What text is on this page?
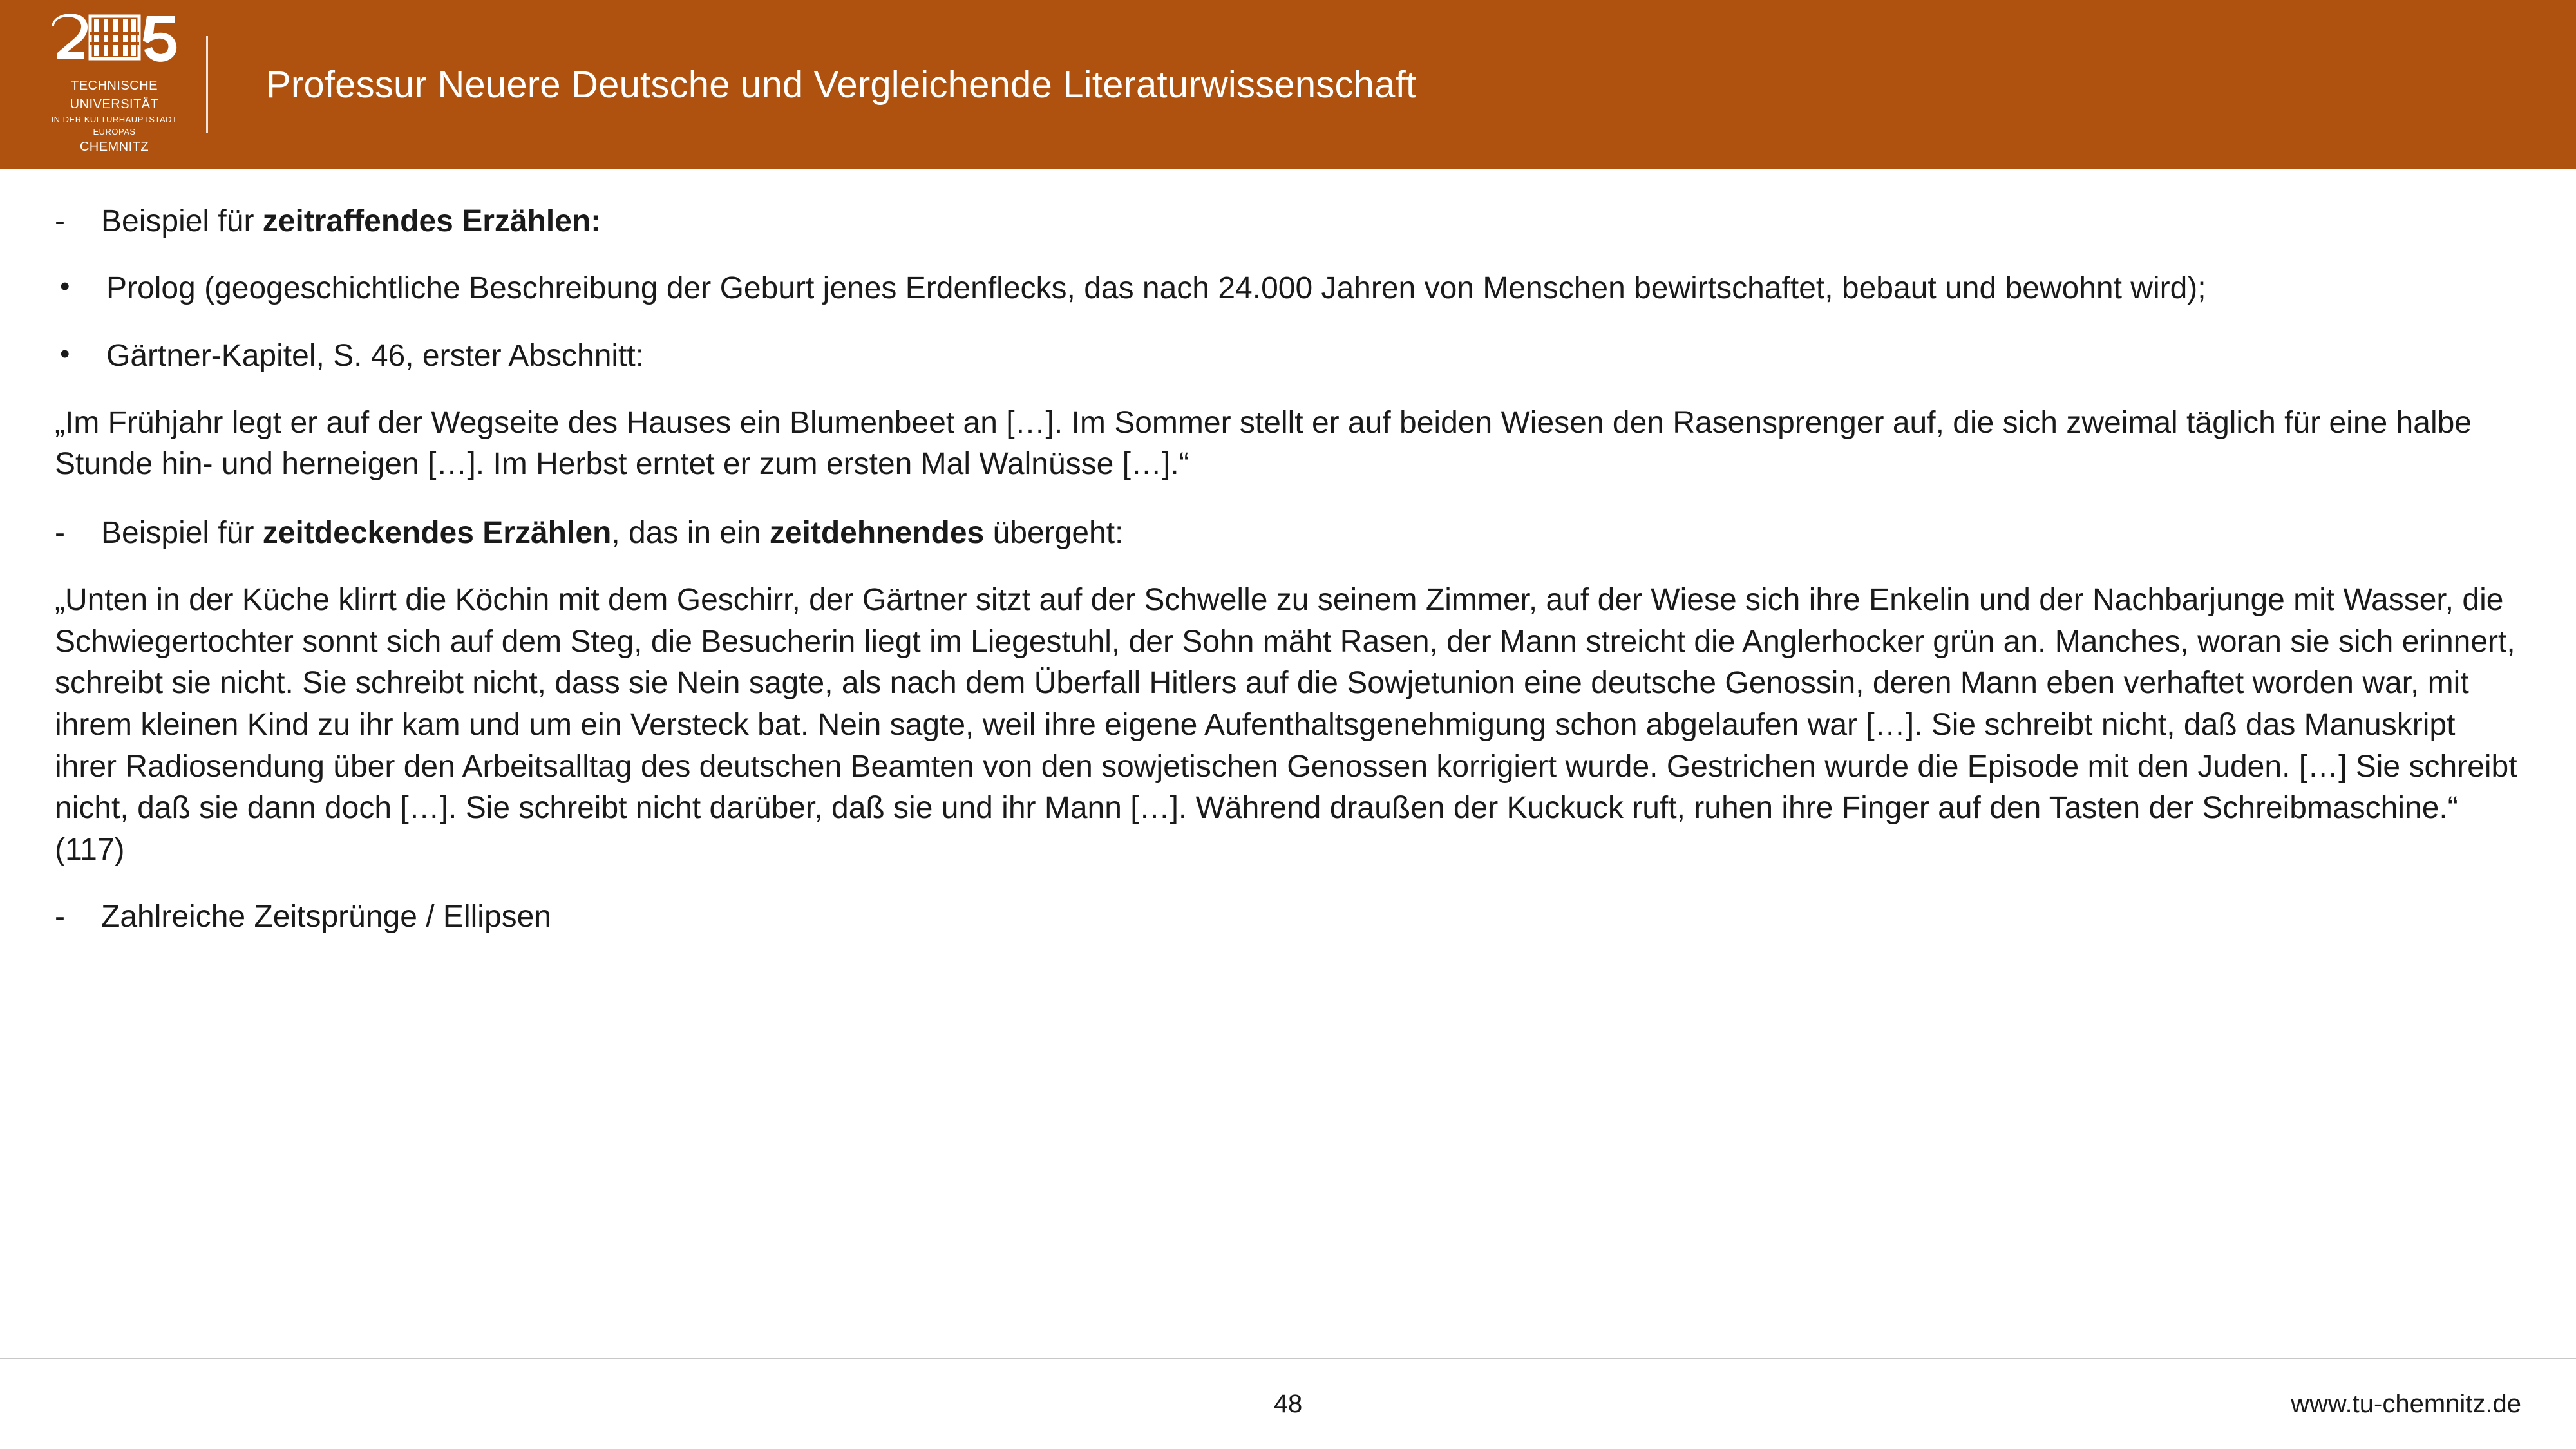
TECHNISCHE UNIVERSITÄT
IN DER KULTURHAUPTSTADT EUROPAS
CHEMNITZ
Professur Neuere Deutsche und Vergleichende Literaturwissenschaft
-	Beispiel für zeitraffendes Erzählen:
•	Prolog (geogeschichtliche Beschreibung der Geburt jenes Erdenflecks, das nach 24.000 Jahren von Menschen bewirtschaftet, bebaut und bewohnt wird);
•	Gärtner-Kapitel, S. 46, erster Abschnitt:
„Im Frühjahr legt er auf der Wegseite des Hauses ein Blumenbeet an […]. Im Sommer stellt er auf beiden Wiesen den Rasensprenger auf, die sich zweimal täglich für eine halbe Stunde hin- und herneigen […]. Im Herbst erntet er zum ersten Mal Walnüsse […].“
-	Beispiel für zeitdeckendes Erzählen, das in ein zeitdehnendes übergeht:
„Unten in der Küche klirrt die Köchin mit dem Geschirr, der Gärtner sitzt auf der Schwelle zu seinem Zimmer, auf der Wiese sich ihre Enkelin und der Nachbarjunge mit Wasser, die Schwiegertochter sonnt sich auf dem Steg, die Besucherin liegt im Liegestuhl, der Sohn mäht Rasen, der Mann streicht die Anglerhocker grün an. Manches, woran sie sich erinnert, schreibt sie nicht. Sie schreibt nicht, dass sie Nein sagte, als nach dem Überfall Hitlers auf die Sowjetunion eine deutsche Genossin, deren Mann eben verhaftet worden war, mit ihrem kleinen Kind zu ihr kam und um ein Versteck bat. Nein sagte, weil ihre eigene Aufenthaltsgenehmigung schon abgelaufen war […]. Sie schreibt nicht, daß das Manuskript ihrer Radiosendung über den Arbeitsalltag des deutschen Beamten von den sowjetischen Genossen korrigiert wurde. Gestrichen wurde die Episode mit den Juden. […] Sie schreibt nicht, daß sie dann doch […]. Sie schreibt nicht darüber, daß sie und ihr Mann […]. Während draußen der Kuckuck ruft, ruhen ihre Finger auf den Tasten der Schreibmaschine.“ (117)
-	Zahlreiche Zeitsprünge / Ellipsen
48	www.tu-chemnitz.de
